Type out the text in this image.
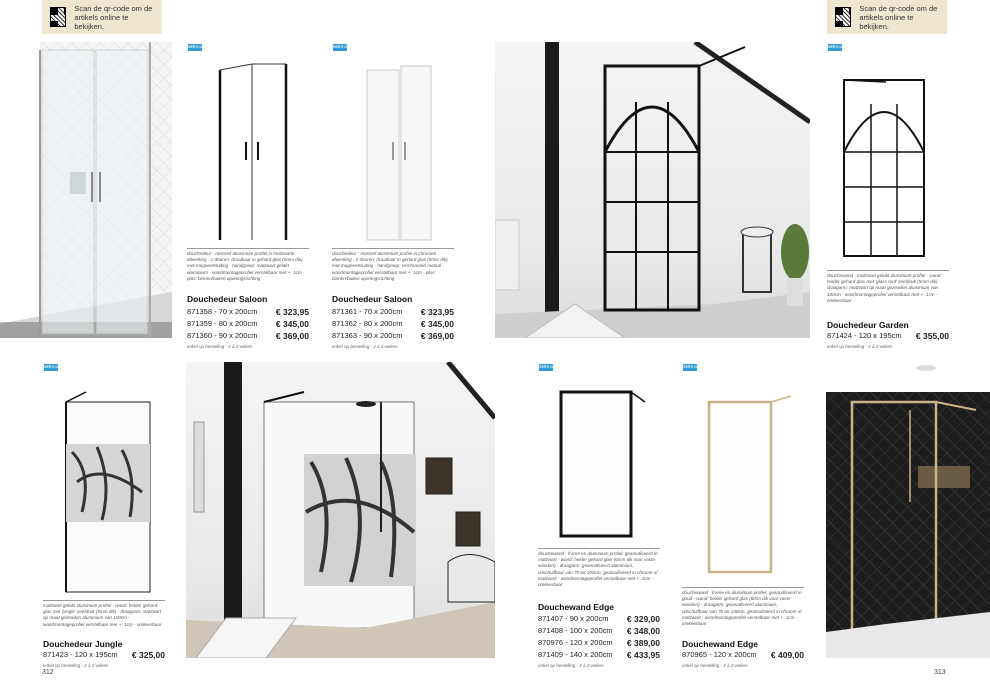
Scan de qr-code om de artikels online te bekijken.
Scan de qr-code om de artikels online te bekijken.
VERTI ONLINE
douchedeur - massief aluminium profiel in matzwarte afwerking - 2 deuren: draaibaar in gehard glas (5mm dik) met magneetsluiting - handgreep: matzwart gelakt aluminium - wandmontageprofiel verstelbaar met +- 1cm - plus: binnen/buiten openingsrichting
Douchedeur Saloon
871358 - 70 x 200cm € 323,95
871359 - 80 x 200cm € 345,00
871360 - 90 x 200cm € 369,00
enkel op bestelling - 2 à 3 weken
VERTI ONLINE
douchedeur - massief aluminium profiel in chromen afwerking - 2 deuren: draaibaar in gehard glas (5mm dik) met magneetsluiting - handgreep: verchroomd metaal - wandmontageprofiel verstelbaar met +- 1cm - plus: binnen/buiten openingsrichting
Douchedeur Saloon
871361 - 70 x 200cm € 323,95
871362 - 80 x 200cm € 345,00
871363 - 90 x 200cm € 369,00
enkel op bestelling - 2 à 3 weken
VERTI ONLINE
douchewand - matzwart gelakt aluminium profiel - wand: helder gehard glas met 'glass roof' zeefdruk (5mm dik) - draagarm: matzwart op maat gezeaden aluminium van 100cm - wandmontageprofiel verstelbaar met +- 1cm - omkeerbaar
Douchedeur Garden
871424 - 120 x 195cm € 355,00
enkel op bestelling - 2 à 3 weken
VERTI ONLINE
matzwart gelakt aluminium profiel - wand: helder gehard glas met 'jungle' zeefdruk (5mm dik) - draagarm: matzwart op maat gezeaden aluminium van 100cm - wandmontageprofiel verstelbaar met +- 1cm - omkeerbaar
Douchedeur Jungle
871423 - 120 x 195cm € 325,00
enkel op bestelling - 2 à 3 weken
VERTI ONLINE
douchewand - frame en aluminium profiel, geanodiseerd in matzwart - wand: helder gehard glas (6mm dik voor vaste wanden) - draagarm: geanodiseerd aluminium, uitschuifbaar van 70 tot 100cm, geanodiseerd in chroom of matzwart - wandmontageprofiel verstelbaar met +- 1cm - omkeerbaar
Douchewand Edge
871407 - 90 x 200cm € 329,00
871408 - 100 x 200cm € 348,00
870976 - 120 x 200cm € 389,00
871409 - 140 x 200cm € 433,95
enkel op bestelling - 2 à 3 weken
VERTI ONLINE
douchewand - frame en aluminium profiel, geanodiseerd in goud - wand: helder gehard glas (6mm dik voor vaste wanden) - draagarm: geanodiseerd aluminium, uitschuifbaar van 70 tot 100cm, geanodiseerd in chroom of matzwart - wandmontageprofiel verstelbaar met +- 1cm - omkeerbaar
Douchewand Edge
870965 - 120 x 200cm € 409,00
enkel op bestelling - 2 à 3 weken
312	313
